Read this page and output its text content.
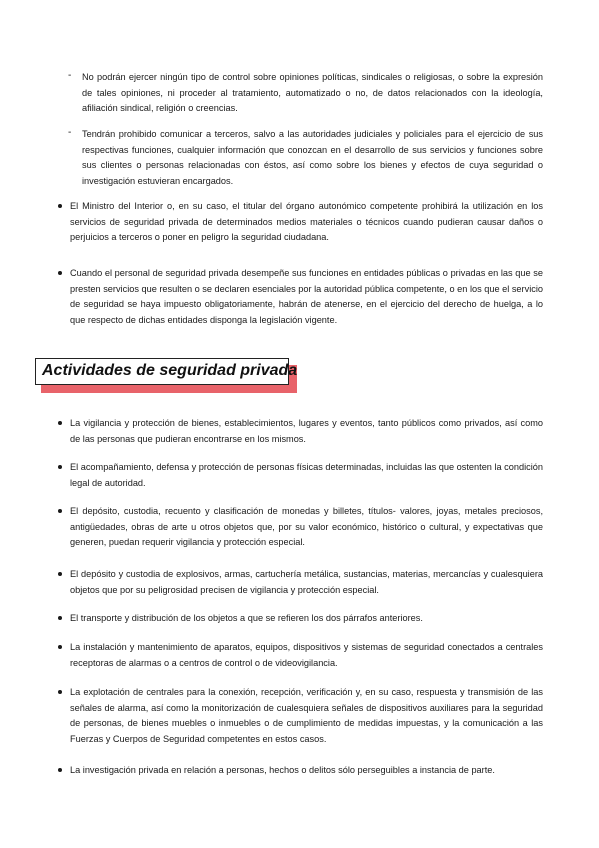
- No podrán ejercer ningún tipo de control sobre opiniones políticas, sindicales o religiosas, o sobre la expresión de tales opiniones, ni proceder al tratamiento, automatizado o no, de datos relacionados con la ideología, afiliación sindical, religión o creencias.
- Tendrán prohibido comunicar a terceros, salvo a las autoridades judiciales y policiales para el ejercicio de sus respectivas funciones, cualquier información que conozcan en el desarrollo de sus servicios y funciones sobre sus clientes o personas relacionadas con éstos, así como sobre los bienes y efectos de cuya seguridad o investigación estuvieran encargados.
El Ministro del Interior o, en su caso, el titular del órgano autonómico competente prohibirá la utilización en los servicios de seguridad privada de determinados medios materiales o técnicos cuando pudieran causar daños o perjuicios a terceros o poner en peligro la seguridad ciudadana.
Cuando el personal de seguridad privada desempeñe sus funciones en entidades públicas o privadas en las que se presten servicios que resulten o se declaren esenciales por la autoridad pública competente, o en los que el servicio de seguridad se haya impuesto obligatoriamente, habrán de atenerse, en el ejercicio del derecho de huelga, a lo que respecto de dichas entidades disponga la legislación vigente.
Actividades de seguridad privada
La vigilancia y protección de bienes, establecimientos, lugares y eventos, tanto públicos como privados, así como de las personas que pudieran encontrarse en los mismos.
El acompañamiento, defensa y protección de personas físicas determinadas, incluidas las que ostenten la condición legal de autoridad.
El depósito, custodia, recuento y clasificación de monedas y billetes, títulos- valores, joyas, metales preciosos, antigüedades, obras de arte u otros objetos que, por su valor económico, histórico o cultural, y expectativas que generen, puedan requerir vigilancia y protección especial.
El depósito y custodia de explosivos, armas, cartuchería metálica, sustancias, materias, mercancías y cualesquiera objetos que por su peligrosidad precisen de vigilancia y protección especial.
El transporte y distribución de los objetos a que se refieren los dos párrafos anteriores.
La instalación y mantenimiento de aparatos, equipos, dispositivos y sistemas de seguridad conectados a centrales receptoras de alarmas o a centros de control o de videovigilancia.
La explotación de centrales para la conexión, recepción, verificación y, en su caso, respuesta y transmisión de las señales de alarma, así como la monitorización de cualesquiera señales de dispositivos auxiliares para la seguridad de personas, de bienes muebles o inmuebles o de cumplimiento de medidas impuestas, y la comunicación a las Fuerzas y Cuerpos de Seguridad competentes en estos casos.
La investigación privada en relación a personas, hechos o delitos sólo perseguibles a instancia de parte.
